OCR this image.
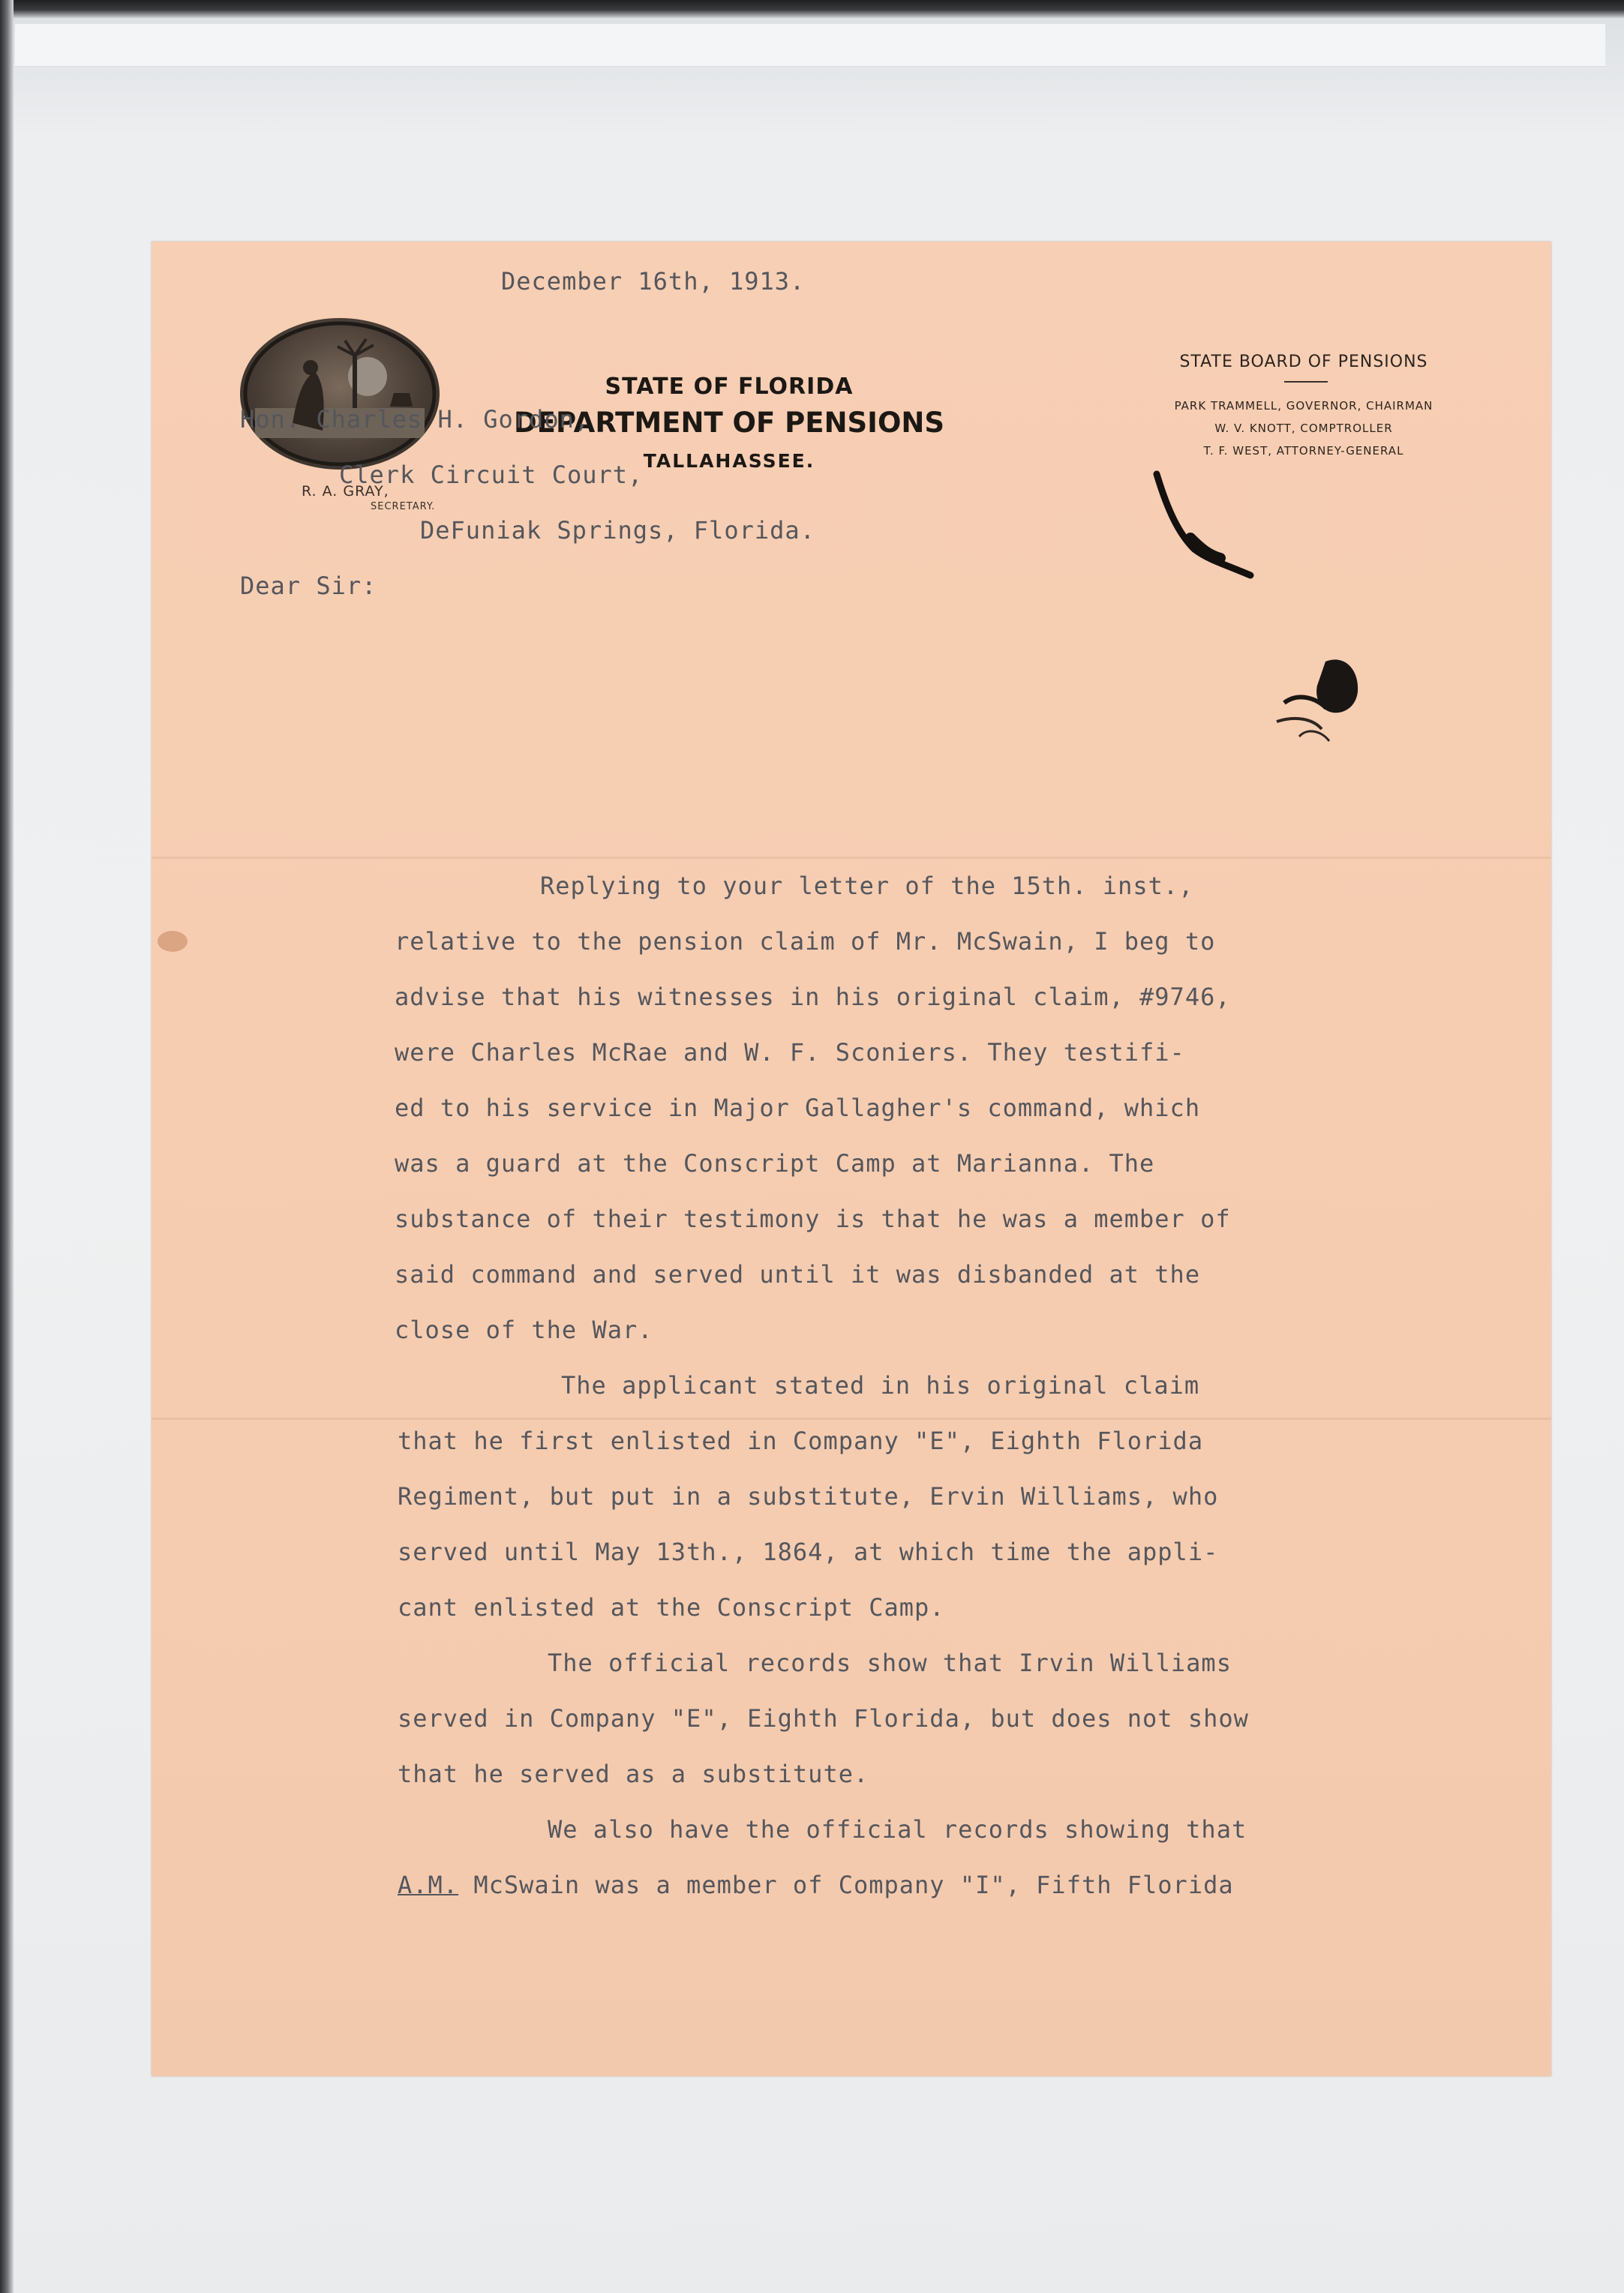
R. A. GRAY,
SECRETARY.
STATE OF FLORIDA
DEPARTMENT OF PENSIONS
TALLAHASSEE.
STATE BOARD OF PENSIONS
PARK TRAMMELL, GOVERNOR, CHAIRMAN
W. V. KNOTT, COMPTROLLER
T. F. WEST, ATTORNEY-GENERAL
December 16th, 1913.
Hon. Charles H. Gordon,
Clerk Circuit Court,
DeFuniak Springs, Florida.
Dear Sir:
Replying to your letter of the 15th. inst.,
relative to the pension claim of Mr. McSwain, I beg to
advise that his witnesses in his original claim, #9746,
were Charles McRae and W. F. Sconiers. They testifi-
ed to his service in Major Gallagher's command, which
was a guard at the Conscript Camp at Marianna. The
substance of their testimony is that he was a member of
said command and served until it was disbanded at the
close of the War.
The applicant stated in his original claim
that he first enlisted in Company "E", Eighth Florida
Regiment, but put in a substitute, Ervin Williams, who
served until May 13th., 1864, at which time the appli-
cant enlisted at the Conscript Camp.
The official records show that Irvin Williams
served in Company "E", Eighth Florida, but does not show
that he served as a substitute.
We also have the official records showing that
A.M. McSwain was a member of Company "I", Fifth Florida
